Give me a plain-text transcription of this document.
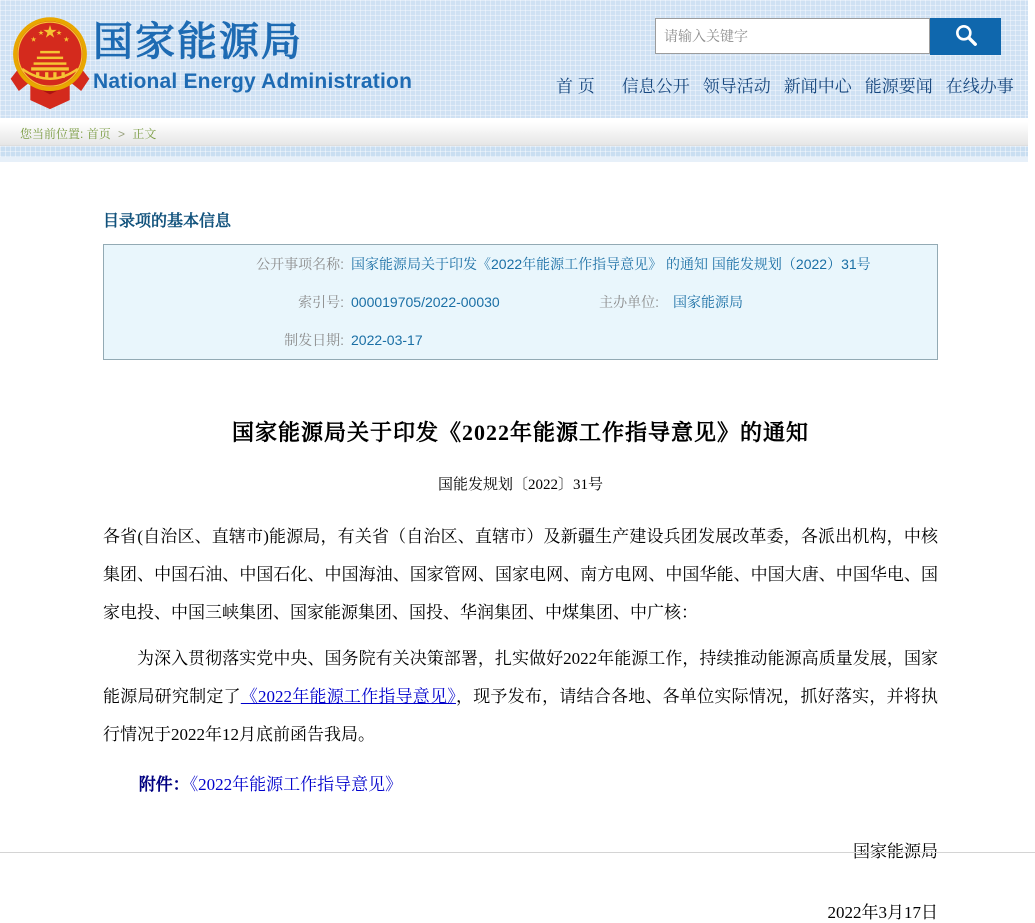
国家能源局
National Energy Administration
请输入关键字	首 页 信息公开 领导活动 新闻中心 能源要闻 在线办事
您当前位置: 首页 > 正文
目录项的基本信息
公开事项名称: 国家能源局关于印发《2022年能源工作指导意见》 的通知 国能发规划（2022）31号
索引号: 000019705/2022-00030	主办单位:	国家能源局
制发日期: 2022-03-17
国家能源局关于印发《2022年能源工作指导意见》的通知
国能发规划〔2022〕31号

各省(自治区、直辖市)能源局，有关省（自治区、直辖市）及新疆生产建设兵团发展改革委，各派出机构，中核集团、中国石油、中国石化、中国海油、国家管网、国家电网、南方电网、中国华能、中国大唐、中国华电、国家电投、中国三峡集团、国家能源集团、国投、华润集团、中煤集团、中广核：

为深入贯彻落实党中央、国务院有关决策部署，扎实做好2022年能源工作，持续推动能源高质量发展，国家能源局研究制定了《2022年能源工作指导意见》，现予发布，请结合各地、各单位实际情况，抓好落实，并将执行情况于2022年12月底前函告我局。

附件：《2022年能源工作指导意见》

国家能源局
2022年3月17日
